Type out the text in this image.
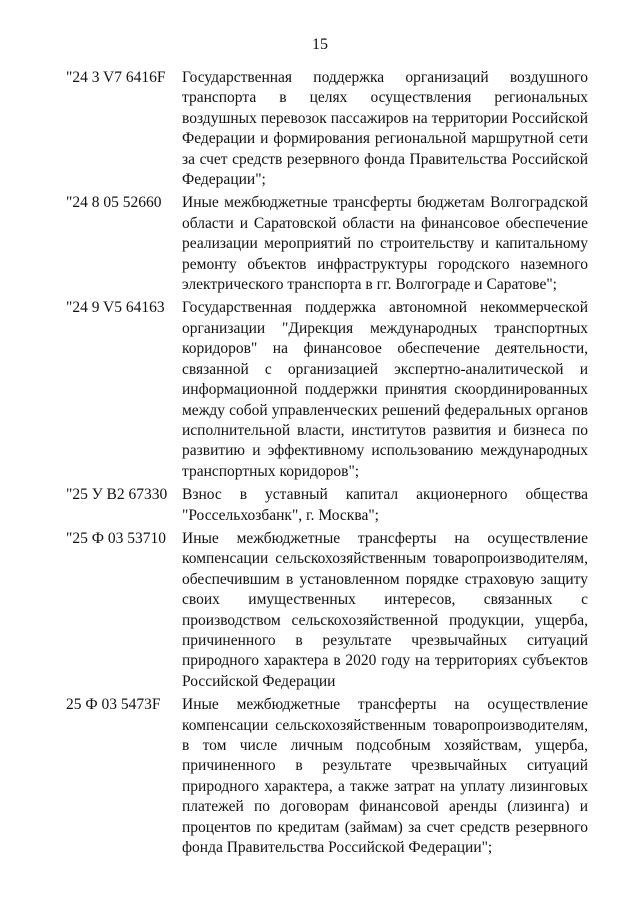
15
"24 3 V7 6416F	Государственная поддержка организаций воздушного транспорта в целях осуществления региональных воздушных перевозок пассажиров на территории Российской Федерации и формирования региональной маршрутной сети за счет средств резервного фонда Правительства Российской Федерации";
"24 8 05 52660	Иные межбюджетные трансферты бюджетам Волгоградской области и Саратовской области на финансовое обеспечение реализации мероприятий по строительству и капитальному ремонту объектов инфраструктуры городского наземного электрического транспорта в гг. Волгограде и Саратове";
"24 9 V5 64163	Государственная поддержка автономной некоммерческой организации "Дирекция международных транспортных коридоров" на финансовое обеспечение деятельности, связанной с организацией экспертно-аналитической и информационной поддержки принятия скоординированных между собой управленческих решений федеральных органов исполнительной власти, институтов развития и бизнеса по развитию и эффективному использованию международных транспортных коридоров";
"25 У В2 67330 Взнос в уставный капитал акционерного общества "Россельхозбанк", г. Москва";
"25 Ф 03 53710	Иные межбюджетные трансферты на осуществление компенсации сельскохозяйственным товаропроизводителям, обеспечившим в установленном порядке страховую защиту своих имущественных интересов, связанных с производством сельскохозяйственной продукции, ущерба, причиненного в результате чрезвычайных ситуаций природного характера в 2020 году на территориях субъектов Российской Федерации
25 Ф 03 5473F	Иные межбюджетные трансферты на осуществление компенсации сельскохозяйственным товаропроизводителям, в том числе личным подсобным хозяйствам, ущерба, причиненного в результате чрезвычайных ситуаций природного характера, а также затрат на уплату лизинговых платежей по договорам финансовой аренды (лизинга) и процентов по кредитам (займам) за счет средств резервного фонда Правительства Российской Федерации";
